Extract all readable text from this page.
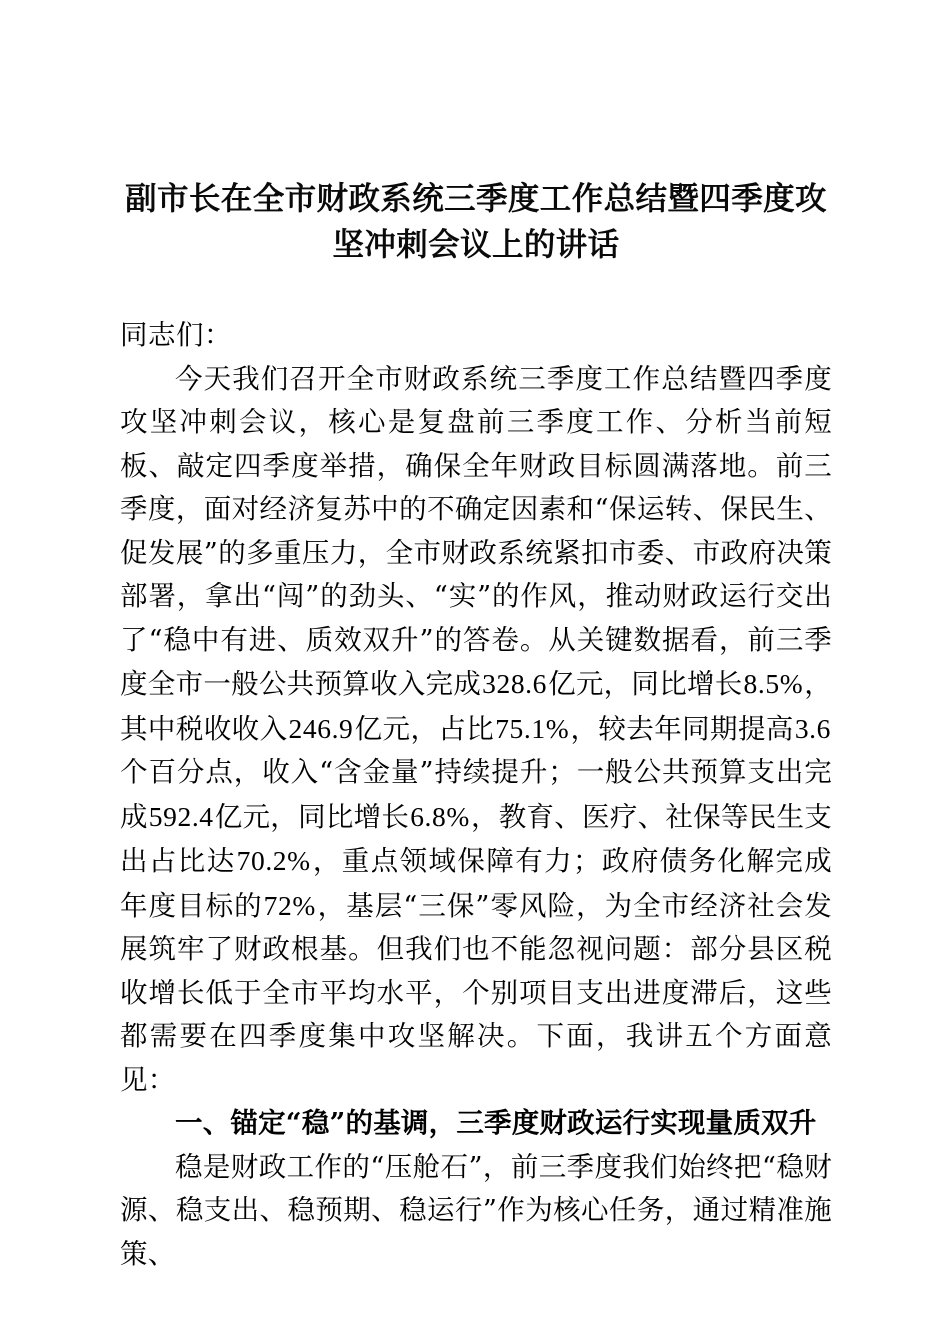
副市长在全市财政系统三季度工作总结暨四季度攻坚冲刺会议上的讲话

同志们：

今天我们召开全市财政系统三季度工作总结暨四季度攻坚冲刺会议，核心是复盘前三季度工作、分析当前短板、敲定四季度举措，确保全年财政目标圆满落地。前三季度，面对经济复苏中的不确定因素和“保运转、保民生、促发展”的多重压力，全市财政系统紧扣市委、市政府决策部署，拿出“闯”的劲头、“实”的作风，推动财政运行交出了“稳中有进、质效双升”的答卷。从关键数据看，前三季度全市一般公共预算收入完成328.6亿元，同比增长8.5%，其中税收收入246.9亿元，占比75.1%，较去年同期提高3.6个百分点，收入“含金量”持续提升；一般公共预算支出完成592.4亿元，同比增长6.8%，教育、医疗、社保等民生支出占比达70.2%，重点领域保障有力；政府债务化解完成年度目标的72%，基层“三保”零风险，为全市经济社会发展筑牢了财政根基。但我们也不能忽视问题：部分县区税收增长低于全市平均水平，个别项目支出进度滞后，这些都需要在四季度集中攻坚解决。下面，我讲五个方面意见：

一、锚定“稳”的基调，三季度财政运行实现量质双升

稳是财政工作的“压舱石”，前三季度我们始终把“稳财源、稳支出、稳预期、稳运行”作为核心任务，通过精准施策、
